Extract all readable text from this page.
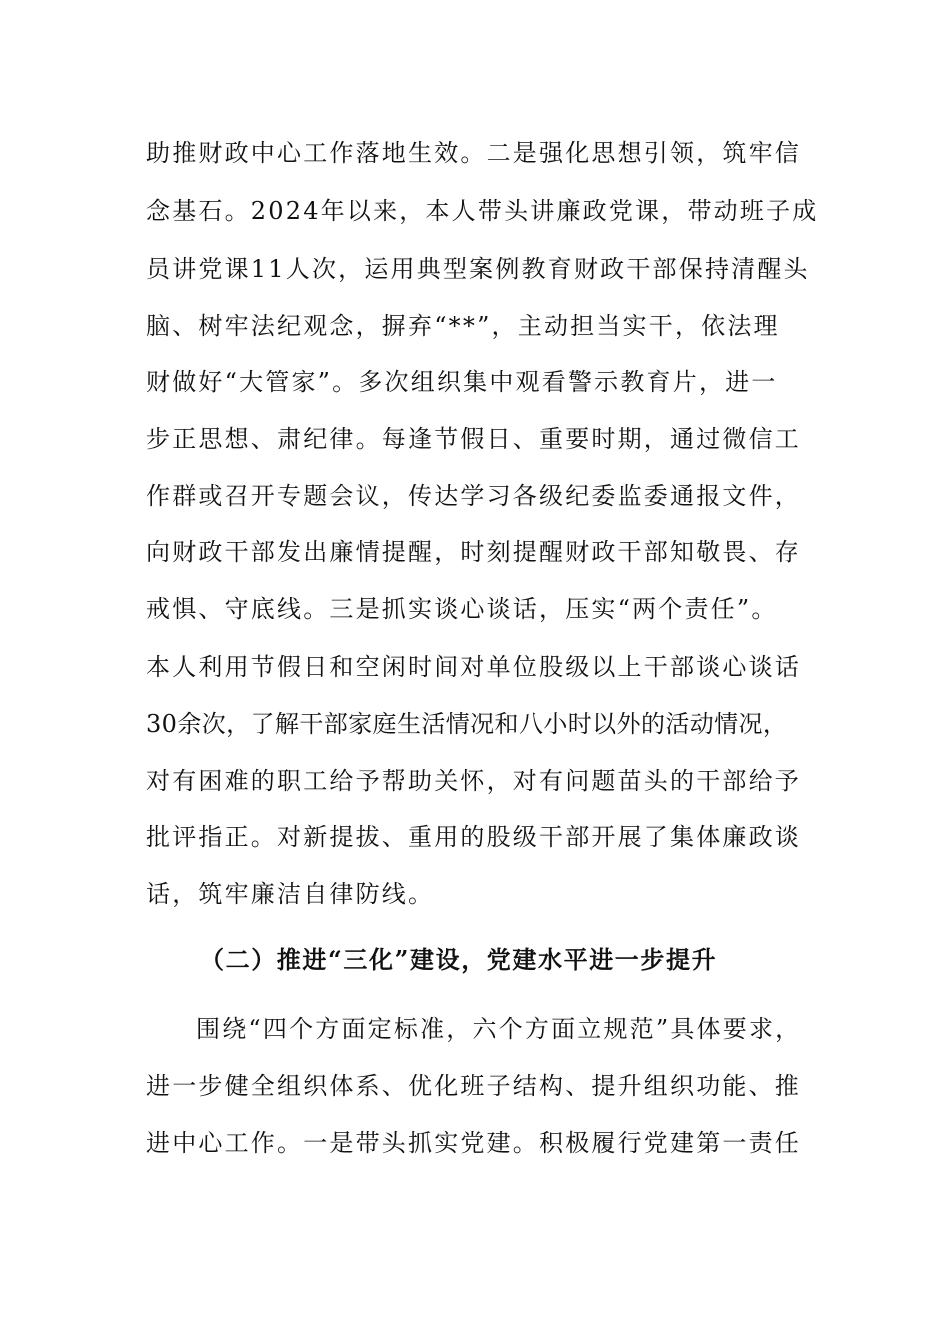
助推财政中心工作落地生效。二是强化思想引领，筑牢信
念基石。2024年以来，本人带头讲廉政党课，带动班子成
员讲党课11人次，运用典型案例教育财政干部保持清醒头
脑、树牢法纪观念，摒弃“**”，主动担当实干，依法理
财做好“大管家”。多次组织集中观看警示教育片，进一
步正思想、肃纪律。每逢节假日、重要时期，通过微信工
作群或召开专题会议，传达学习各级纪委监委通报文件，
向财政干部发出廉情提醒，时刻提醒财政干部知敬畏、存
戒惧、守底线。三是抓实谈心谈话，压实“两个责任”。
本人利用节假日和空闲时间对单位股级以上干部谈心谈话
30余次，了解干部家庭生活情况和八小时以外的活动情况，
对有困难的职工给予帮助关怀，对有问题苗头的干部给予
批评指正。对新提拔、重用的股级干部开展了集体廉政谈
话，筑牢廉洁自律防线。
（二）推进“三化”建设，党建水平进一步提升
围绕“四个方面定标准，六个方面立规范”具体要求，
进一步健全组织体系、优化班子结构、提升组织功能、推
进中心工作。一是带头抓实党建。积极履行党建第一责任
